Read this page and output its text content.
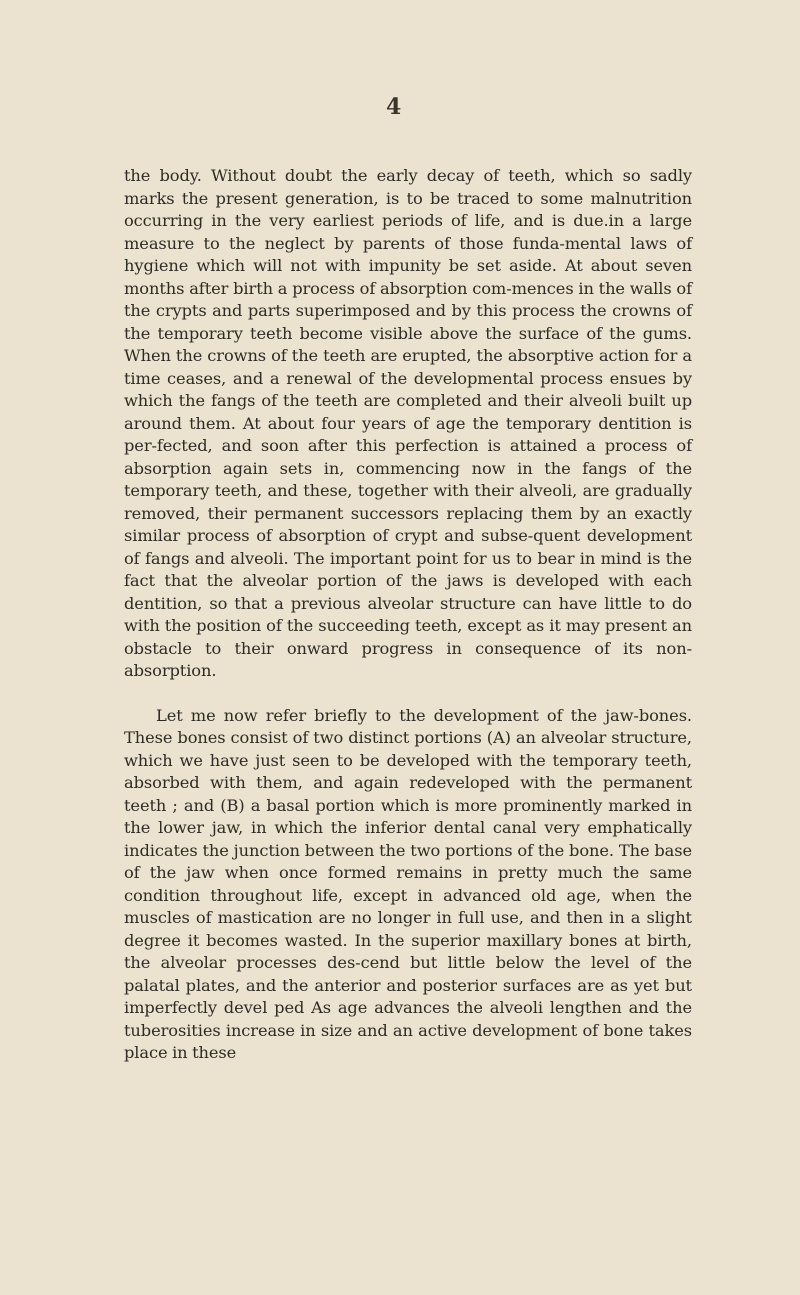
4

the body. Without doubt the early decay of teeth, which so sadly marks the present generation, is to be traced to some malnutrition occurring in the very earliest periods of life, and is due.in a large measure to the neglect by parents of those funda-mental laws of hygiene which will not with impunity be set aside. At about seven months after birth a process of absorption com-mences in the walls of the crypts and parts superimposed and by this process the crowns of the temporary teeth become visible above the surface of the gums. When the crowns of the teeth are erupted, the absorptive action for a time ceases, and a renewal of the developmental process ensues by which the fangs of the teeth are completed and their alveoli built up around them. At about four years of age the temporary dentition is per-fected, and soon after this perfection is attained a process of absorption again sets in, commencing now in the fangs of the temporary teeth, and these, together with their alveoli, are gradually removed, their permanent successors replacing them by an exactly similar process of absorption of crypt and subse-quent development of fangs and alveoli. The important point for us to bear in mind is the fact that the alveolar portion of the jaws is developed with each dentition, so that a previous alveolar structure can have little to do with the position of the succeeding teeth, except as it may present an obstacle to their onward progress in consequence of its non-absorption.

Let me now refer briefly to the development of the jaw-bones. These bones consist of two distinct portions (A) an alveolar structure, which we have just seen to be developed with the temporary teeth, absorbed with them, and again redeveloped with the permanent teeth ; and (B) a basal portion which is more prominently marked in the lower jaw, in which the inferior dental canal very emphatically indicates the junction between the two portions of the bone. The base of the jaw when once formed remains in pretty much the same condition throughout life, except in advanced old age, when the muscles of mastication are no longer in full use, and then in a slight degree it becomes wasted. In the superior maxillary bones at birth, the alveolar processes des-cend but little below the level of the palatal plates, and the anterior and posterior surfaces are as yet but imperfectly devel ped As age advances the alveoli lengthen and the tuberosities increase in size and an active development of bone takes place in these
